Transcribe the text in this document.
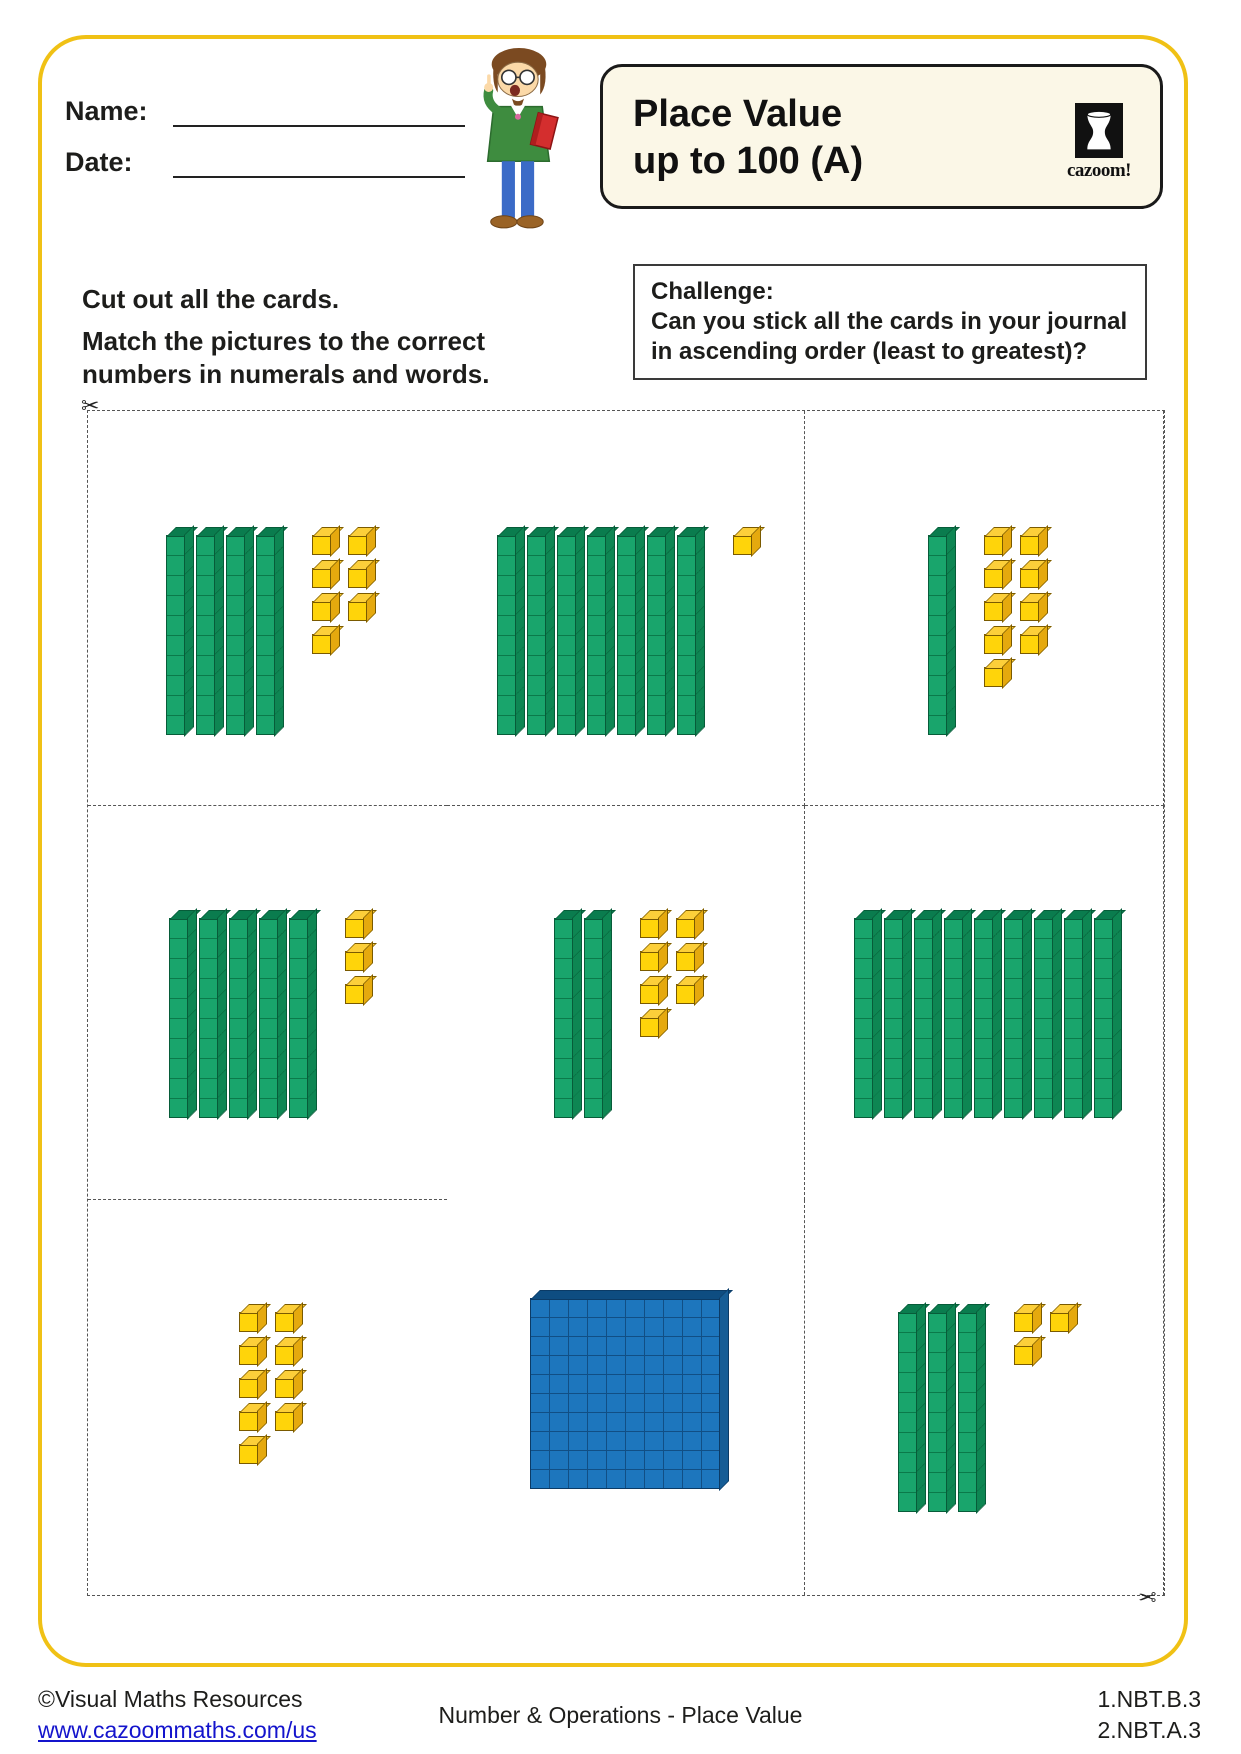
Name:
Date:
Place Value
up to 100 (A)	cazoom!

Cut out all the cards.

Match the pictures to the correct
numbers in numerals and words.

Challenge:
Can you stick all the cards in your journal
in ascending order (least to greatest)?
✂
✂
©Visual Maths Resources
www.cazoommaths.com/us
Number & Operations - Place Value
1.NBT.B.3
2.NBT.A.3
